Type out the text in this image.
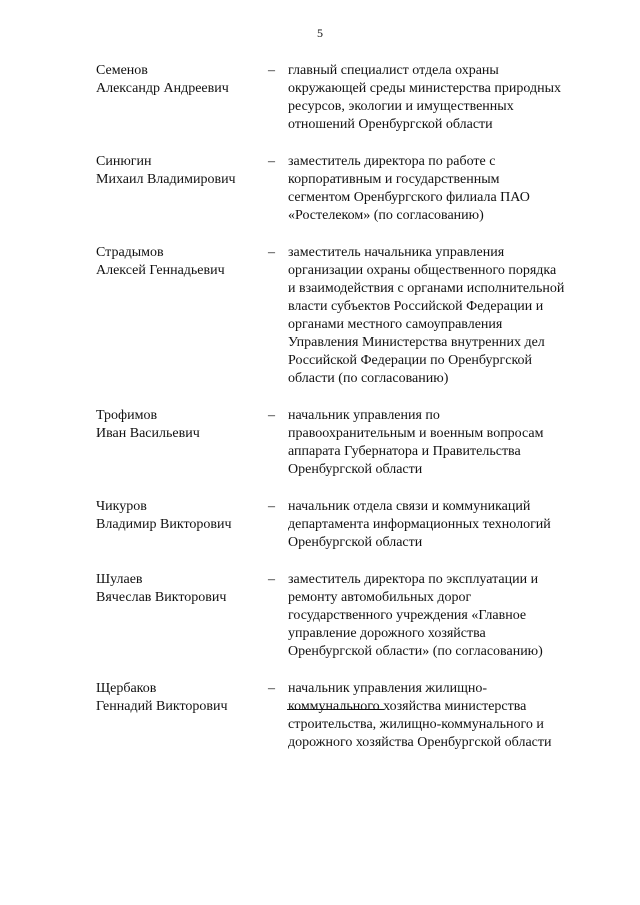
5
Семенов
Александр Андреевич
– главный специалист отдела охраны
окружающей среды министерства природных
ресурсов, экологии и имущественных
отношений Оренбургской области
Синюгин
Михаил Владимирович
– заместитель директора по работе с
корпоративным и государственным
сегментом Оренбургского филиала ПАО
«Ростелеком» (по согласованию)
Страдымов
Алексей Геннадьевич
– заместитель начальника управления
организации охраны общественного порядка
и взаимодействия с органами исполнительной
власти субъектов Российской Федерации и
органами местного самоуправления
Управления Министерства внутренних дел
Российской Федерации по Оренбургской
области (по согласованию)
Трофимов
Иван Васильевич
– начальник управления по
правоохранительным и военным вопросам
аппарата Губернатора и Правительства
Оренбургской области
Чикуров
Владимир Викторович
– начальник отдела связи и коммуникаций
департамента информационных технологий
Оренбургской области
Шулаев
Вячеслав Викторович
– заместитель директора по эксплуатации и
ремонту автомобильных дорог
государственного учреждения «Главное
управление дорожного хозяйства
Оренбургской области» (по согласованию)
Щербаков
Геннадий Викторович
– начальник управления жилищно-
коммунального хозяйства министерства
строительства, жилищно-коммунального и
дорожного хозяйства Оренбургской области
